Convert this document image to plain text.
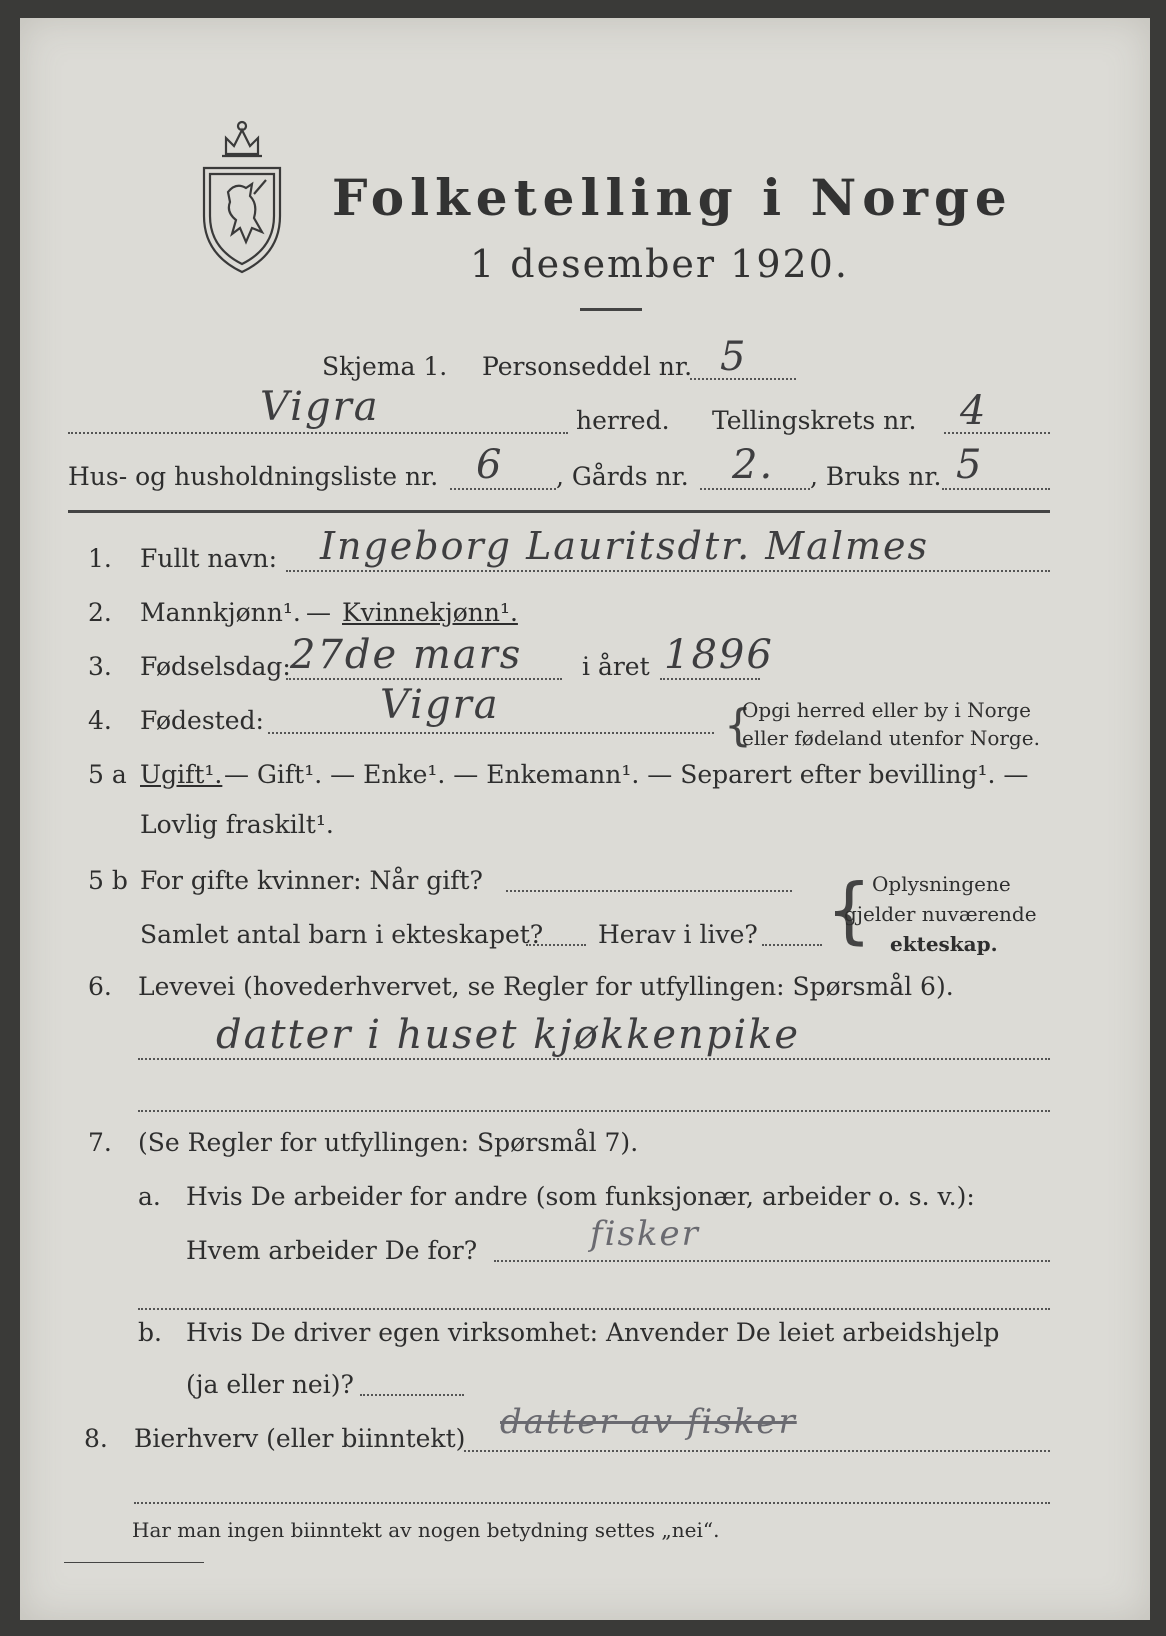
Folketelling i Norge
1 desember 1920.
Skjema 1. Personseddel nr. 5
Vigra	herred. Tellingskrets nr. 4
Hus- og husholdningsliste nr. 6 , Gårds nr. 2. , Bruks nr. 5
1. Fullt navn: Ingeborg Lauritsdtr. Malmes
2. Mannkjønn¹. — Kvinnekjønn¹.
3. Fødselsdag: 27de mars i året 1896
4. Fødested:	Vigra	{
Opgi herred eller by i Norge
eller fødeland utenfor Norge.
5 a Ugift¹. — Gift¹. — Enke¹. — Enkemann¹. — Separert efter bevilling¹. —
Lovlig fraskilt¹.
5 b For gifte kvinner: Når gift?
Samlet antal barn i ekteskapet? Herav i live? { Oplysningene
gjelder nuværende
ekteskap.
6. Levevei (hovederhvervet, se Regler for utfyllingen: Spørsmål 6).
datter i huset kjøkkenpike
7. (Se Regler for utfyllingen: Spørsmål 7).
a. Hvis De arbeider for andre (som funksjonær, arbeider o. s. v.):
Hvem arbeider De for?	fisker
b. Hvis De driver egen virksomhet: Anvender De leiet arbeidshjelp
(ja eller nei)?
8. Bierhverv (eller biinntekt) datter av fisker
Har man ingen biinntekt av nogen betydning settes „nei“.
